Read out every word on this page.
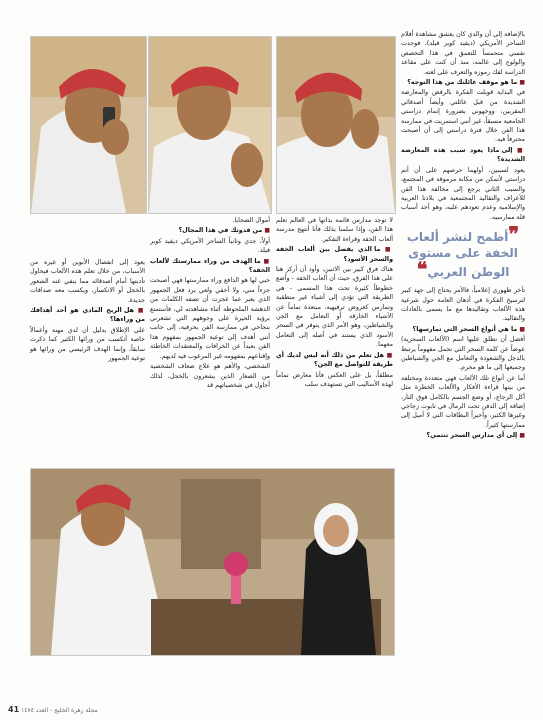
بالإضافة إلى أن والدي كان يعشق مشاهدة أفلام الساحر الأمريكي (ديفيد كوبر فيلد)، فوجدت نفسي متحمساً للتعمق في هذا التخصص والولوج إلى عالمه، منذ أن كنت على مقاعد الدراسة لفك رموزه والتعرف على لغته.

■ ما هو موقف عائلتك من هذا التوجه؟

في البداية قوبلت الفكرة بالرفض والمعارضة الشديدة من قبل عائلتي وأيضاً أصدقائي المقربين، ووجهوني بضرورة إتمام دراستي الجامعية مسبقاً، غير أنني استمريت في ممارسة هذا الفن خلال فترة دراستي إلى أن أصبحت محترفاً فيه.

■ إلى ماذا يعود سبب هذه المعارضة الشديدة؟

يعود لسببين، أولهما حرصهم على أن أتم دراستي لأتمكن من مكانة مرموقة في المجتمع، والسبب الثاني يرجع إلى مخالفة هذا الفن للأعراف والتقاليد المجتمعية في بلادنا العربية والإسلامية وعدم تعودهم عليه، وهو أحد أسباب قلة ممارسيه.

❞أطمح لنشر ألعاب الخفة على مستوى الوطن العربي❝

تأخر ظهوري إعلامياً، فالأمر يحتاج إلى جهد كبير لترسيخ الفكرة في أذهان العامة حول شرعية هذه الألعاب وتقاليدها مع ما يسمى بالعادات والتقاليد.

■ ما هي أنواع السحر التي تمارسها؟

أفضل أن نطلق عليها اسم (الألعاب السحرية) عوضاً عن كلمة السحر التي تحمل مفهوماً يرتبط بالدجل والشعوذة والتعامل مع الجن والشياطين وجميعها إلى ما هو محرم.

أما عن أنواع تلك الألعاب فهي متعددة ومختلفة من بينها قراءة الأفكار والألعاب الخطرة مثل أكل الزجاج، أو وضع الجسم بالكامل فوق النار، إضافة إلى الدفن تحت الرمال في تابوت زجاجي وغيرها الكثير، وأخيراً البطاقات التي لا أميل إلى ممارستها كثيراً.

■ إلى أي مدارس السحر تنتمي؟

لا توجد مدارس قائمة بذاتها في العالم تعلم هذا الفن، وإذا سلمنا بذلك فأنا أنتهج مدرسة ألعاب الخفة وقراءة التفكير.

■ ما الذي يفصل بين ألعاب الخفة والسحر الأسود؟

هناك فرق كبير بين الاثنين، وأود أن أركز هنا على هذا الفرق، حيث أن ألعاب الخفة - وأضع خطوطاً كثيرة تحت هذا المسمى - هي الطريقة التي تؤدي إلى أشياء غير منطقية وتمارس كعروض ترفيهية، مبتعدة تماماً عن الأشياء الخارقة أو التعامل مع الجن والشياطين، وهو الأمر الذي يتوفر في السحر الأسود الذي يستند في أصله إلى التعامل معهما.

■ هل تعلم من ذلك أنه ليس لديك أي طريقة للتواصل مع الجن؟

مطلقاً، بل على العكس فأنا معارض تماماً لهذه الأساليب التي تستهدف سلب

أموال الضحايا.

■ من قدوتك في هذا المجال؟

أولاً، جدي وثانياً الساحر الأمريكي ديفيد كوبر فيلد.

■ ما الهدف من وراء ممارستك لألعاب الخفة؟

حبي لها هو الدافع وراء ممارستها فهي أصبحت جزءاً مني، ولا أخفي ولعي برد فعل الجمهور الذي يعبر عما عجزت أن تصفه الكلمات من الدهشة الملحوظة أثناء مشاهدته لي، فأستمتع برؤية الحيرة على وجوههم التي تشعرني بنجاحي في ممارسة الفن بحرفية، إلى جانب أنني أهدف إلى توعية الجمهور بمفهوم هذا الفن بعيداً عن الخرافات والمعتقدات الخاطئة وإقناعهم بمفهومه غير المرغوب فيه لديهم.

الشخصي، والأهم هو علاج ضعاف الشخصية من الصغار الذين يشعرون بالخجل، لذلك أحاول في شخصياتهم قد

يعود إلى انفصال الأبوين أو غيره من الأسباب، من خلال تعلم هذه الألعاب فيحاول تأديتها أمام أصدقائه مما ينفي عنه الشعور بالخجل أو الانكسار، ويكسب معه صداقات جديدة.

■ هل الربح المادي هو أحد أهدافك من وراءها؟

على الإطلاق بدليل أن لدي مهنة وأعمالاً خاصة أتكسب من ورائها الكثير كما ذكرت سابقاً، وإنما الهدف الرئيسي من ورائها هو توعية الجمهور

41 مجلة زهرة الخليج - العدد ١٤٧٤
